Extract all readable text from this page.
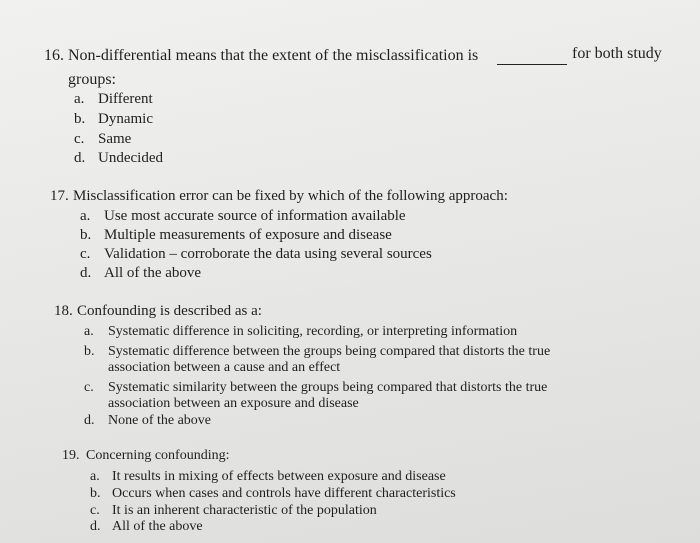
16. Non-differential means that the extent of the misclassification is	for both study
groups:
a. Different
b. Dynamic
c. Same
d. Undecided
17. Misclassification error can be fixed by which of the following approach:
a. Use most accurate source of information available
b. Multiple measurements of exposure and disease
c. Validation – corroborate the data using several sources
d. All of the above
18. Confounding is described as a:
a. Systematic difference in soliciting, recording, or interpreting information
b. Systematic difference between the groups being compared that distorts the true
association between a cause and an effect
c. Systematic similarity between the groups being compared that distorts the true
association between an exposure and disease
d. None of the above
19. Concerning confounding:
a. It results in mixing of effects between exposure and disease
b. Occurs when cases and controls have different characteristics
c. It is an inherent characteristic of the population
d. All of the above
